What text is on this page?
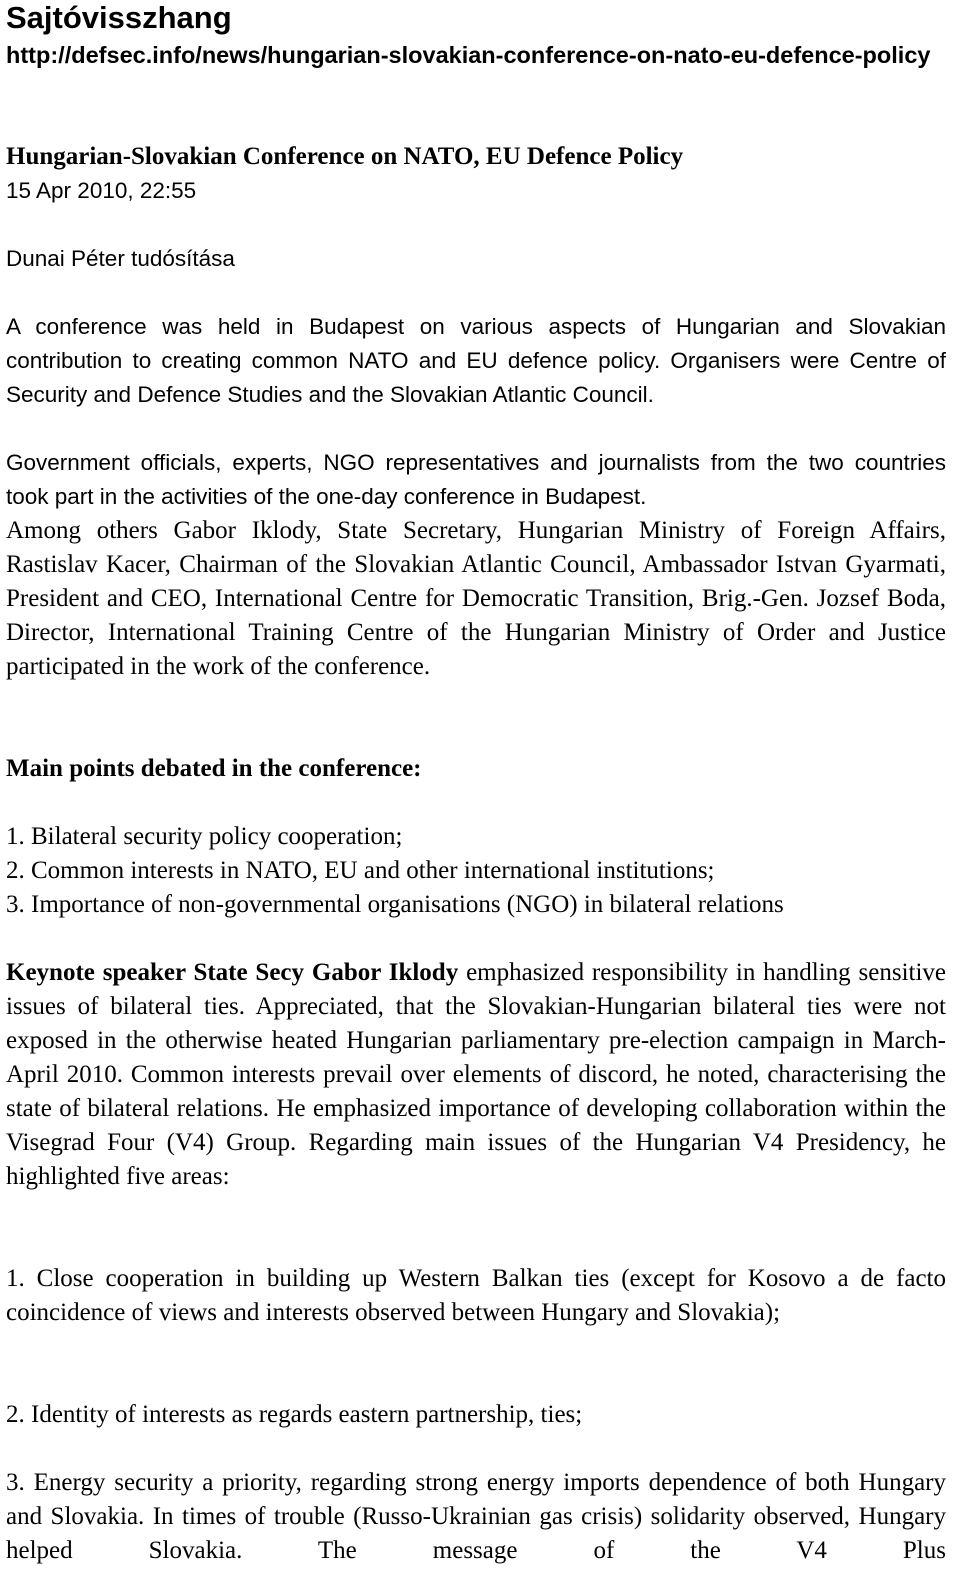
Sajtóvisszhang

http://defsec.info/news/hungarian-slovakian-conference-on-nato-eu-defence-policy

Hungarian-Slovakian Conference on NATO, EU Defence Policy

15 Apr 2010, 22:55

Dunai Péter tudósítása

A conference was held in Budapest on various aspects of Hungarian and Slovakian contribution to creating common NATO and EU defence policy. Organisers were Centre of Security and Defence Studies and the Slovakian Atlantic Council.

Government officials, experts, NGO representatives and journalists from the two countries took part in the activities of the one-day conference in Budapest.

Among others Gabor Iklody, State Secretary, Hungarian Ministry of Foreign Affairs, Rastislav Kacer, Chairman of the Slovakian Atlantic Council, Ambassador Istvan Gyarmati, President and CEO, International Centre for Democratic Transition, Brig.-Gen. Jozsef Boda, Director, International Training Centre of the Hungarian Ministry of Order and Justice participated in the work of the conference.

Main points debated in the conference:

1. Bilateral security policy cooperation;
2. Common interests in NATO, EU and other international institutions;
3. Importance of non-governmental organisations (NGO) in bilateral relations

Keynote speaker State Secy Gabor Iklody emphasized responsibility in handling sensitive issues of bilateral ties. Appreciated, that the Slovakian-Hungarian bilateral ties were not exposed in the otherwise heated Hungarian parliamentary pre-election campaign in March-April 2010. Common interests prevail over elements of discord, he noted, characterising the state of bilateral relations. He emphasized importance of developing collaboration within the Visegrad Four (V4) Group. Regarding main issues of the Hungarian V4 Presidency, he highlighted five areas:

1. Close cooperation in building up Western Balkan ties (except for Kosovo a de facto coincidence of views and interests observed between Hungary and Slovakia);

2. Identity of interests as regards eastern partnership, ties;

3. Energy security a priority, regarding strong energy imports dependence of both Hungary and Slovakia. In times of trouble (Russo-Ukrainian gas crisis) solidarity observed, Hungary helped Slovakia. The message of the V4 Plus
